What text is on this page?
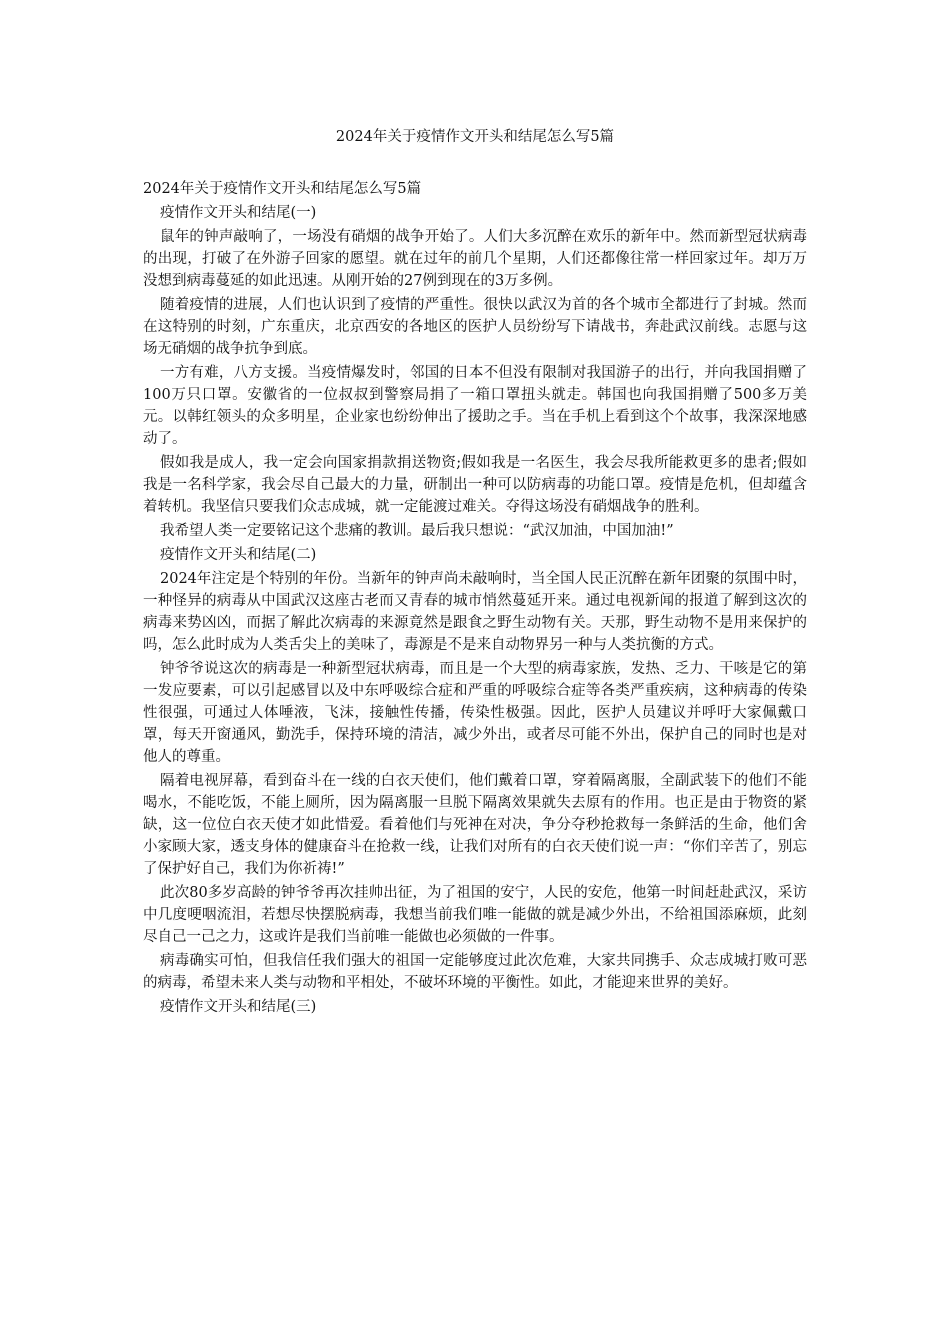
2024年关于疫情作文开头和结尾怎么写5篇

2024年关于疫情作文开头和结尾怎么写5篇

疫情作文开头和结尾(一)

鼠年的钟声敲响了，一场没有硝烟的战争开始了。人们大多沉醉在欢乐的新年中。然而新型冠状病毒的出现，打破了在外游子回家的愿望。就在过年的前几个星期，人们还都像往常一样回家过年。却万万没想到病毒蔓延的如此迅速。从刚开始的27例到现在的3万多例。

随着疫情的进展，人们也认识到了疫情的严重性。很快以武汉为首的各个城市全都进行了封城。然而在这特别的时刻，广东重庆，北京西安的各地区的医护人员纷纷写下请战书，奔赴武汉前线。志愿与这场无硝烟的战争抗争到底。

一方有难，八方支援。当疫情爆发时，邻国的日本不但没有限制对我国游子的出行，并向我国捐赠了100万只口罩。安徽省的一位叔叔到警察局捐了一箱口罩扭头就走。韩国也向我国捐赠了500多万美元。以韩红领头的众多明星，企业家也纷纷伸出了援助之手。当在手机上看到这个个故事，我深深地感动了。

假如我是成人，我一定会向国家捐款捐送物资;假如我是一名医生，我会尽我所能救更多的患者;假如我是一名科学家，我会尽自己最大的力量，研制出一种可以防病毒的功能口罩。疫情是危机，但却蕴含着转机。我坚信只要我们众志成城，就一定能渡过难关。夺得这场没有硝烟战争的胜利。

我希望人类一定要铭记这个悲痛的教训。最后我只想说：“武汉加油，中国加油!”

疫情作文开头和结尾(二)

2024年注定是个特别的年份。当新年的钟声尚未敲响时，当全国人民正沉醉在新年团聚的氛围中时，一种怪异的病毒从中国武汉这座古老而又青春的城市悄然蔓延开来。通过电视新闻的报道了解到这次的病毒来势凶凶，而据了解此次病毒的来源竟然是跟食之野生动物有关。天那，野生动物不是用来保护的吗，怎么此时成为人类舌尖上的美味了，毒源是不是来自动物界另一种与人类抗衡的方式。

钟爷爷说这次的病毒是一种新型冠状病毒，而且是一个大型的病毒家族，发热、乏力、干咳是它的第一发应要素，可以引起感冒以及中东呼吸综合症和严重的呼吸综合症等各类严重疾病，这种病毒的传染性很强，可通过人体唾液，飞沫，接触性传播，传染性极强。因此，医护人员建议并呼吁大家佩戴口罩，每天开窗通风，勤洗手，保持环境的清洁，减少外出，或者尽可能不外出，保护自己的同时也是对他人的尊重。

隔着电视屏幕，看到奋斗在一线的白衣天使们，他们戴着口罩，穿着隔离服，全副武装下的他们不能喝水，不能吃饭，不能上厕所，因为隔离服一旦脱下隔离效果就失去原有的作用。也正是由于物资的紧缺，这一位位白衣天使才如此惜爱。看着他们与死神在对决，争分夺秒抢救每一条鲜活的生命，他们舍小家顾大家，透支身体的健康奋斗在抢救一线，让我们对所有的白衣天使们说一声：“你们辛苦了，别忘了保护好自己，我们为你祈祷!”

此次80多岁高龄的钟爷爷再次挂帅出征，为了祖国的安宁，人民的安危，他第一时间赶赴武汉，采访中几度哽咽流泪，若想尽快摆脱病毒，我想当前我们唯一能做的就是减少外出，不给祖国添麻烦，此刻尽自己一己之力，这或许是我们当前唯一能做也必须做的一件事。

病毒确实可怕，但我信任我们强大的祖国一定能够度过此次危难，大家共同携手、众志成城打败可恶的病毒，希望未来人类与动物和平相处，不破坏环境的平衡性。如此，才能迎来世界的美好。

疫情作文开头和结尾(三)
